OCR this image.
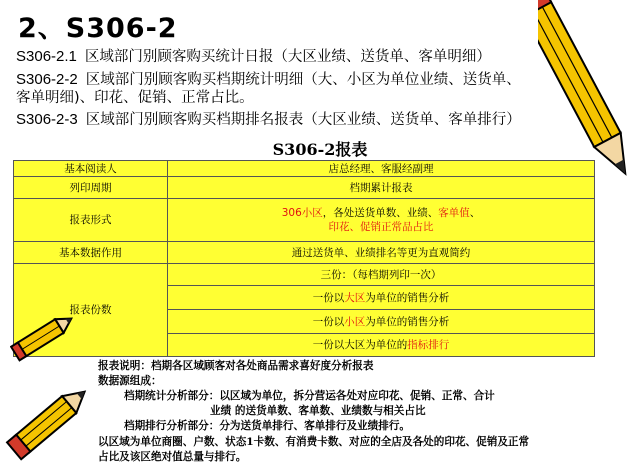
2、S306-2
S306-2.1 区域部门别顾客购买统计日报（大区业绩、送货单、客单明细）
S306-2-2 区域部门别顾客购买档期统计明细（大、小区为单位业绩、送货单、
客单明细)、印花、促销、正常占比。
S306-2-3 区域部门别顾客购买档期排名报表（大区业绩、送货单、客单排行）
S306-2报表
基本阅读人	店总经理、客服经副理
列印周期	档期累计报表
报表形式	306小区，各处送货单数、业绩、客单值、
印花、促销正常品占比
基本数据作用	通过送货单、业绩排名等更为直观简约
报表份数	三份：（每档期列印一次）
	一份以大区为单位的销售分析
	一份以小区为单位的销售分析
	一份以大区为单位的指标排行
报表说明：档期各区域顾客对各处商品需求喜好度分析报表
数据源组成：
档期统计分析部分：以区域为单位，拆分营运各处对应印花、促销、正常、合计
业绩 的送货单数、客单数、业绩数与相关占比
档期排行分析部分：分为送货单排行、客单排行及业绩排行。
以区域为单位商圈、户数、状态1卡数、有消费卡数、对应的全店及各处的印花、促销及正常
占比及该区绝对值总量与排行。
